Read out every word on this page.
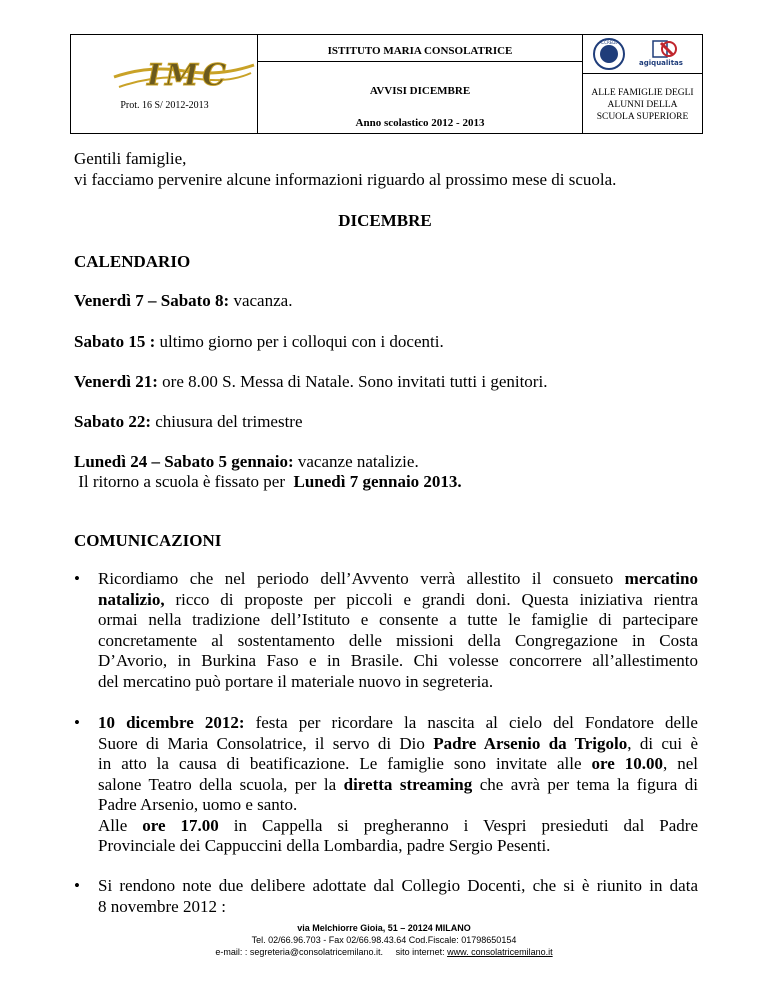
IMC
Prot. 16 S/ 2012-2013
ISTITUTO MARIA CONSOLATRICE
AVVISI DICEMBRE
Anno scolastico 2012 - 2013
ACCREDIA
agiqualitas
ALLE FAMIGLIE DEGLI
ALUNNI DELLA
SCUOLA SUPERIORE
Gentili famiglie,
vi facciamo pervenire alcune informazioni riguardo al prossimo mese di scuola.
DICEMBRE
CALENDARIO
Venerdì 7 – Sabato 8: vacanza.
Sabato 15 : ultimo giorno per i colloqui con i docenti.
Venerdì 21: ore 8.00 S. Messa di Natale. Sono invitati tutti i genitori.
Sabato 22: chiusura del trimestre
Lunedì 24 – Sabato 5 gennaio: vacanze natalizie.
Il ritorno a scuola è fissato per  Lunedì 7 gennaio 2013.
COMUNICAZIONI
•	Ricordiamo che nel periodo dell’Avvento verrà allestito il consueto mercatino
natalizio, ricco di proposte per piccoli e grandi doni. Questa iniziativa rientra
ormai nella tradizione dell’Istituto e consente a tutte le famiglie di partecipare
concretamente al sostentamento delle missioni della Congregazione in Costa
D’Avorio, in Burkina Faso e in Brasile. Chi volesse concorrere all’allestimento
del mercatino può portare il materiale nuovo in segreteria.
•	10 dicembre 2012: festa per ricordare la nascita al cielo del Fondatore delle
Suore di Maria Consolatrice, il servo di Dio Padre Arsenio da Trigolo, di cui è
in atto la causa di beatificazione. Le famiglie sono invitate alle ore 10.00, nel
salone Teatro della scuola, per la diretta streaming che avrà per tema la figura di
Padre Arsenio, uomo e santo.
Alle ore 17.00 in Cappella si pregheranno i Vespri presieduti dal Padre
Provinciale dei Cappuccini della Lombardia, padre Sergio Pesenti.
•	Si rendono note due delibere adottate dal Collegio Docenti, che si è riunito in data
8 novembre 2012 :
via Melchiorre Gioia, 51 – 20124 MILANO
Tel. 02/66.96.703 - Fax 02/66.98.43.64 Cod.Fiscale: 01798650154
e-mail: : segreteria@consolatricemilano.it.     sito internet: www. consolatricemilano.it
